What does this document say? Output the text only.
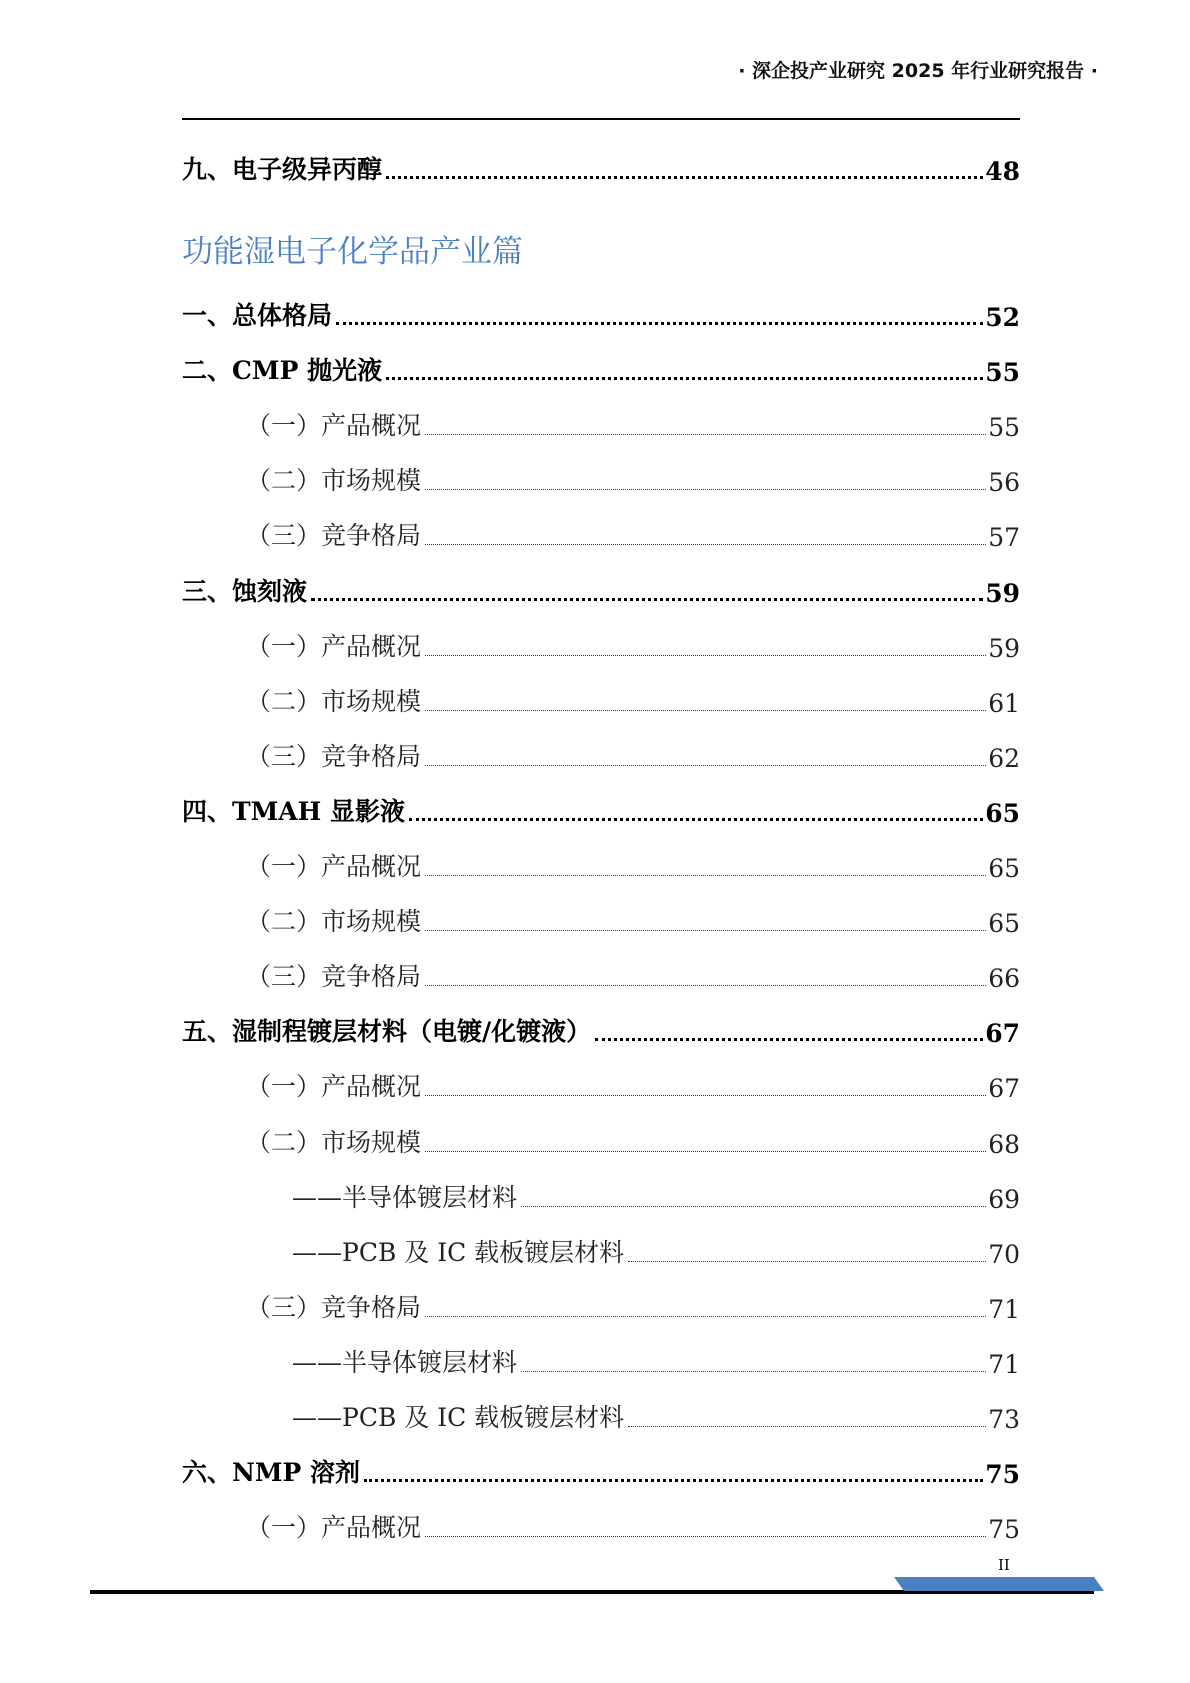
· 深企投产业研究 2025 年行业研究报告 ·
九、电子级异丙醇	48
功能湿电子化学品产业篇
一、总体格局	52
二、CMP 抛光液	55
（一）产品概况	55
（二）市场规模	56
（三）竞争格局	57
三、蚀刻液	59
（一）产品概况	59
（二）市场规模	61
（三）竞争格局	62
四、TMAH 显影液	65
（一）产品概况	65
（二）市场规模	65
（三）竞争格局	66
五、湿制程镀层材料（电镀/化镀液）	67
（一）产品概况	67
（二）市场规模	68
——半导体镀层材料	69
——PCB 及 IC 载板镀层材料	70
（三）竞争格局	71
——半导体镀层材料	71
——PCB 及 IC 载板镀层材料	73
六、NMP 溶剂	75
（一）产品概况	75
II
